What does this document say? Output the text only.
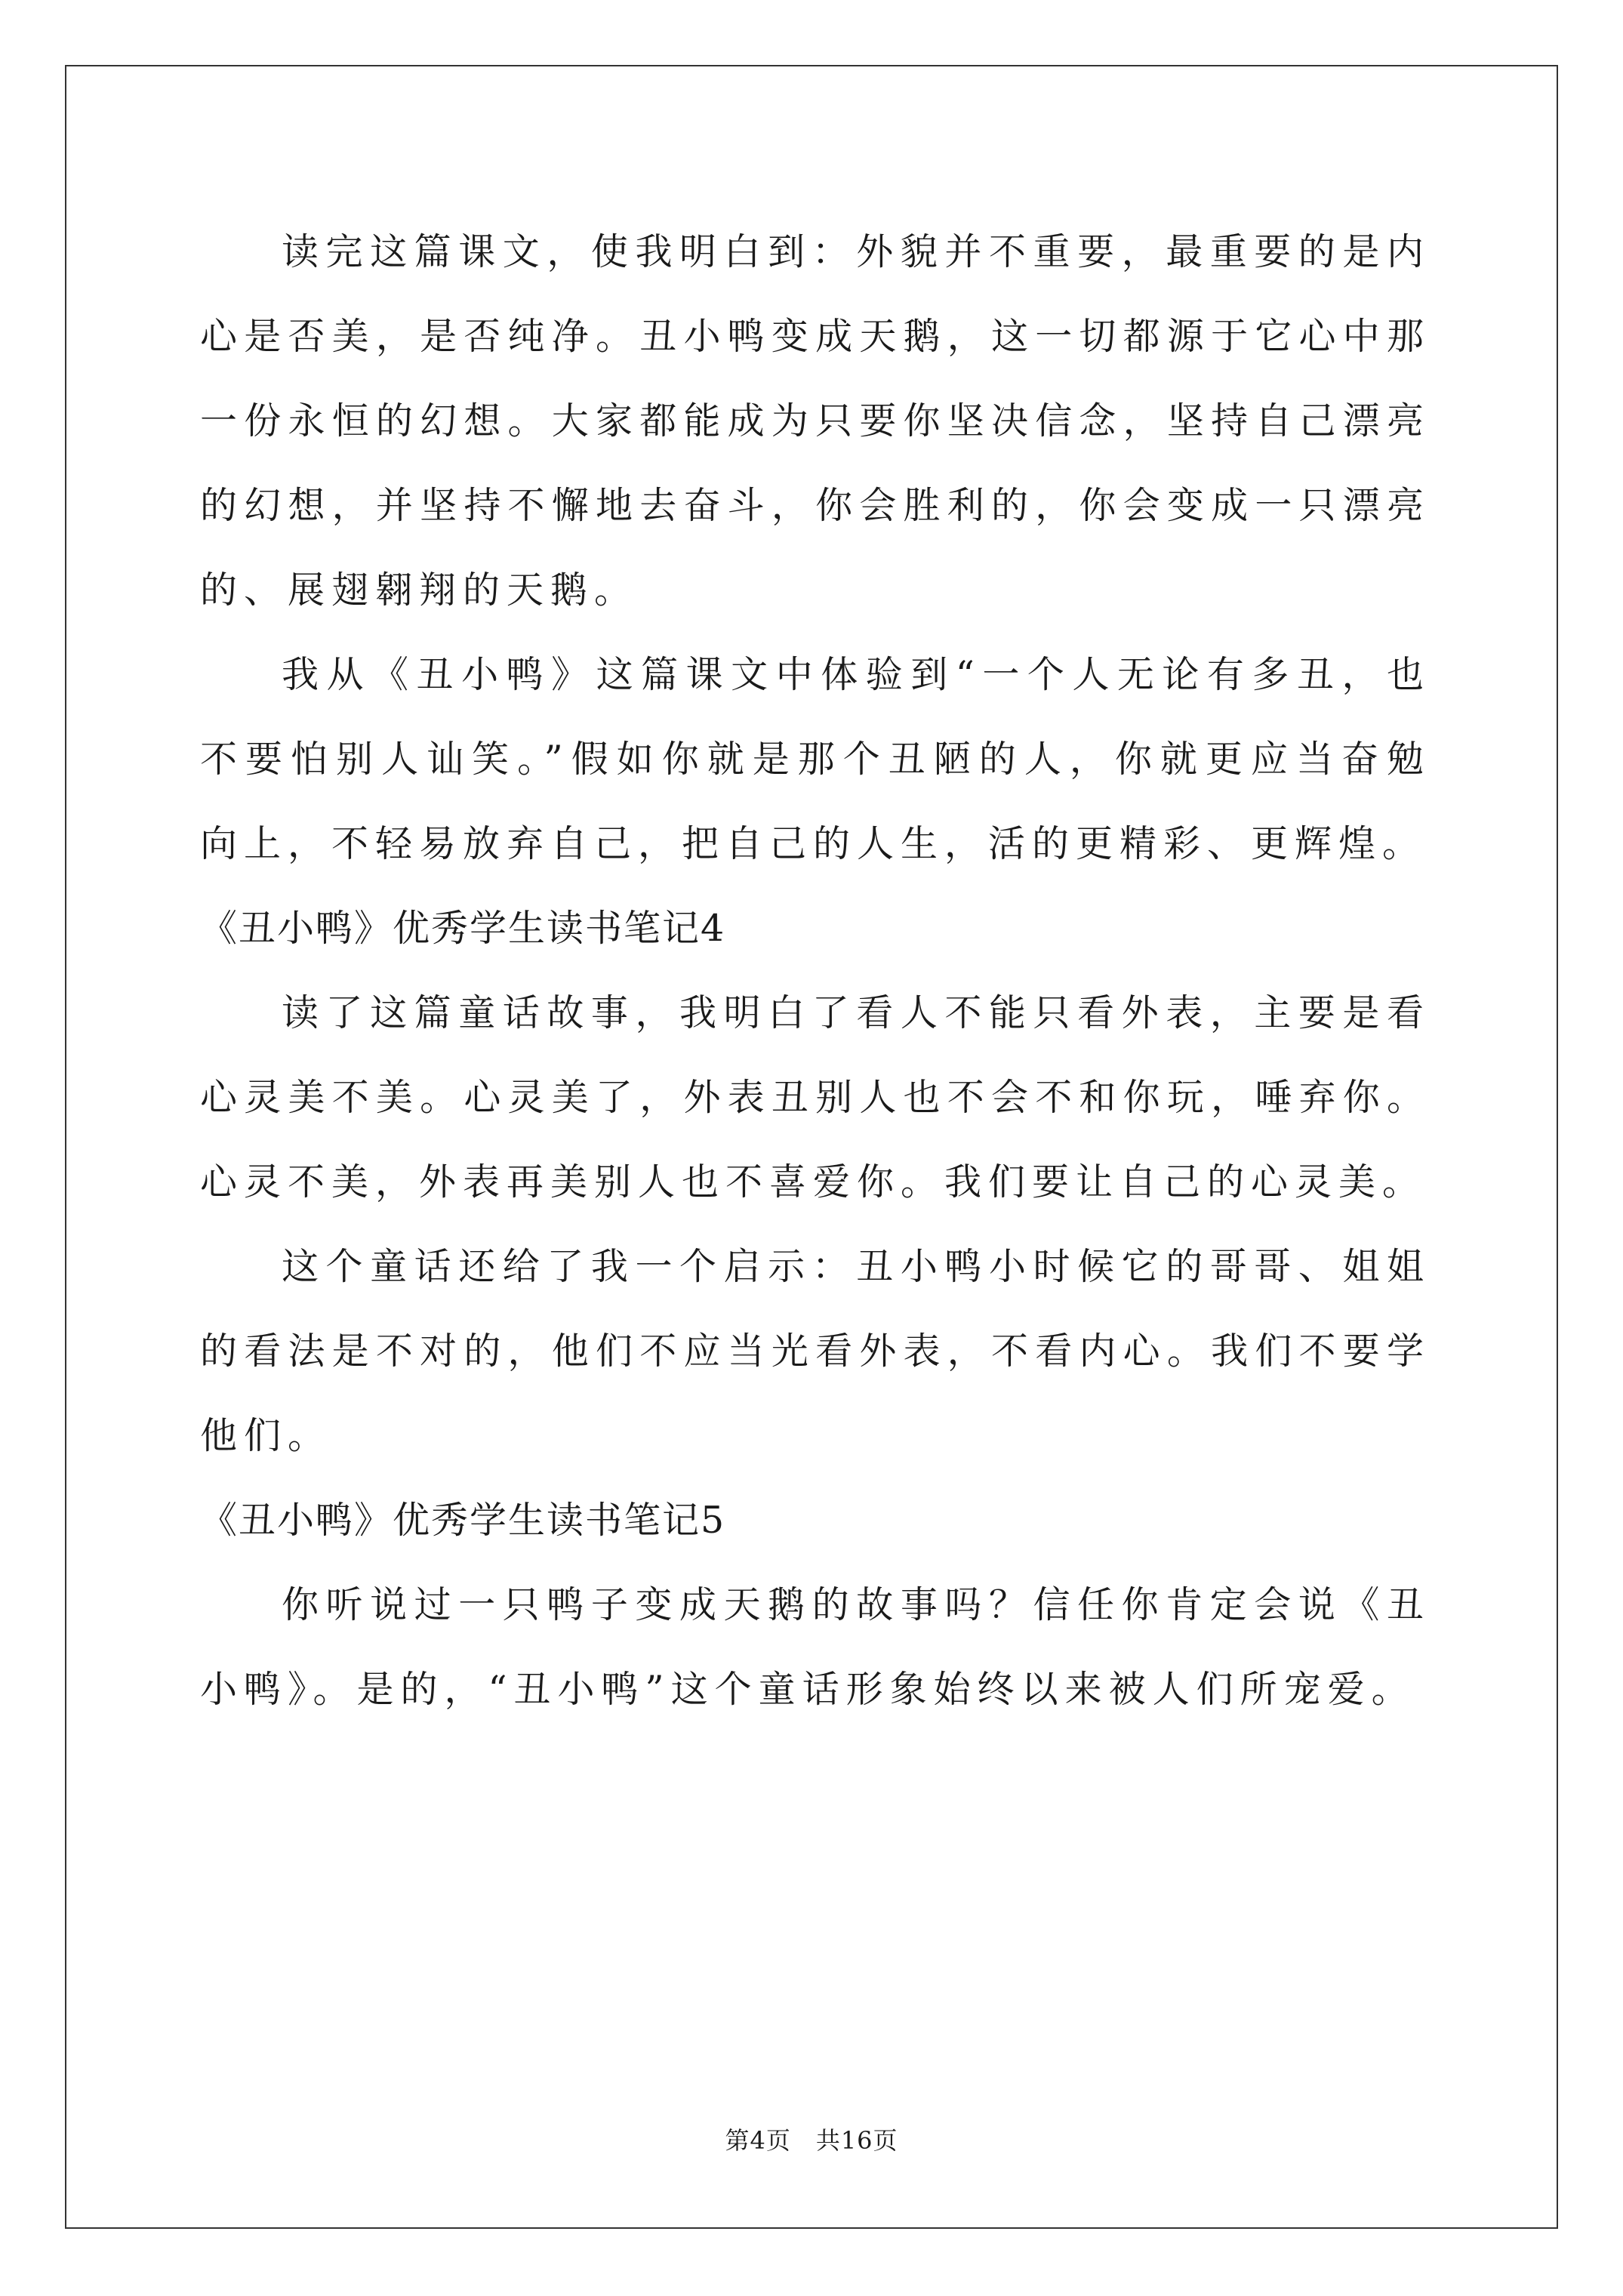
读完这篇课文，使我明白到：外貌并不重要，最重要的是内心是否美，是否纯净。丑小鸭变成天鹅，这一切都源于它心中那一份永恒的幻想。大家都能成为只要你坚决信念，坚持自己漂亮的幻想，并坚持不懈地去奋斗，你会胜利的，你会变成一只漂亮的、展翅翱翔的天鹅。

我从《丑小鸭》这篇课文中体验到“一个人无论有多丑，也不要怕别人讪笑。”假如你就是那个丑陋的人，你就更应当奋勉向上，不轻易放弃自己，把自己的人生，活的更精彩、更辉煌。

《丑小鸭》优秀学生读书笔记4

读了这篇童话故事，我明白了看人不能只看外表，主要是看心灵美不美。心灵美了，外表丑别人也不会不和你玩，唾弃你。心灵不美，外表再美别人也不喜爱你。我们要让自己的心灵美。

这个童话还给了我一个启示：丑小鸭小时候它的哥哥、姐姐的看法是不对的，他们不应当光看外表，不看内心。我们不要学他们。

《丑小鸭》优秀学生读书笔记5

你听说过一只鸭子变成天鹅的故事吗？信任你肯定会说《丑小鸭》。是的，“丑小鸭”这个童话形象始终以来被人们所宠爱。

第4页　共16页
